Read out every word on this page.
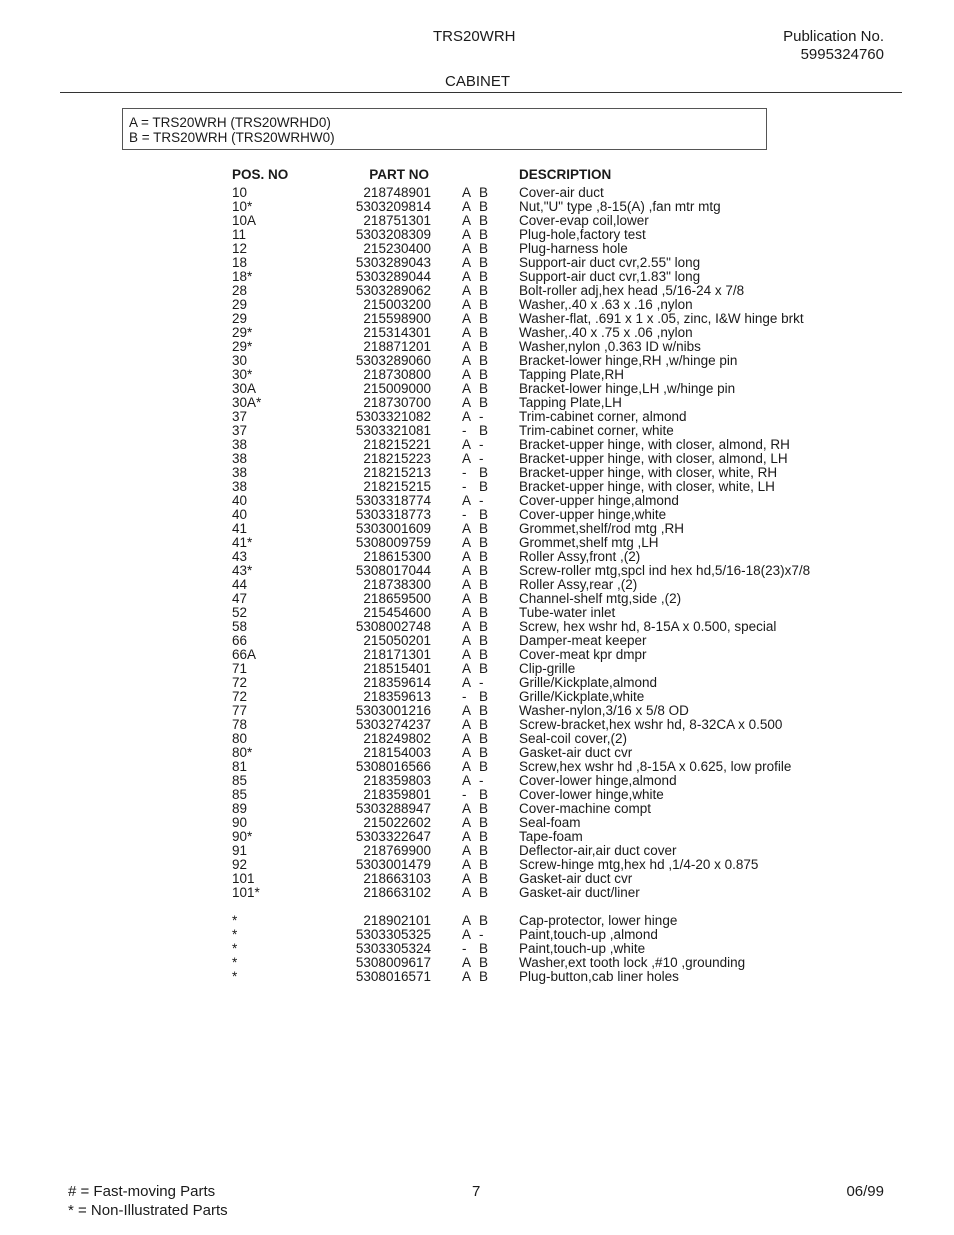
TRS20WRH	Publication No.
5995324760
CABINET
A = TRS20WRH (TRS20WRHD0)
B = TRS20WRH (TRS20WRHW0)
POS. NO	PART NO	DESCRIPTION
10	218748901 A B Cover-air duct
10*	5303209814 A B Nut,"U" type ,8-15(A) ,fan mtr mtg
10A	218751301 A B Cover-evap coil,lower
11	5303208309 A B Plug-hole,factory test
12	215230400 A B Plug-harness hole
18	5303289043 A B Support-air duct cvr,2.55" long
18*	5303289044 A B Support-air duct cvr,1.83" long
28	5303289062 A B Bolt-roller adj,hex head ,5/16-24 x 7/8
29	215003200 A B Washer,.40 x .63 x .16 ,nylon
29	215598900 A B Washer-flat, .691 x 1 x .05, zinc, I&W hinge brkt
29*	215314301 A B Washer,.40 x .75 x .06 ,nylon
29*	218871201 A B Washer,nylon ,0.363 ID w/nibs
30	5303289060 A B Bracket-lower hinge,RH ,w/hinge pin
30*	218730800 A B Tapping Plate,RH
30A	215009000 A B Bracket-lower hinge,LH ,w/hinge pin
30A*	218730700 A B Tapping Plate,LH
37	5303321082 A -	Trim-cabinet corner, almond
37	5303321081 - B Trim-cabinet corner, white
38	218215221 A -	Bracket-upper hinge, with closer, almond, RH
38	218215223 A -	Bracket-upper hinge, with closer, almond, LH
38	218215213 - B Bracket-upper hinge, with closer, white, RH
38	218215215 - B Bracket-upper hinge, with closer, white, LH
40	5303318774 A -	Cover-upper hinge,almond
40	5303318773 - B Cover-upper hinge,white
41	5303001609 A B Grommet,shelf/rod mtg ,RH
41*	5308009759 A B Grommet,shelf mtg ,LH
43	218615300 A B Roller Assy,front ,(2)
43*	5308017044 A B Screw-roller mtg,spcl ind hex hd,5/16-18(23)x7/8
44	218738300 A B Roller Assy,rear ,(2)
47	218659500 A B Channel-shelf mtg,side ,(2)
52	215454600 A B Tube-water inlet
58	5308002748 A B Screw, hex wshr hd, 8-15A x 0.500, special
66	215050201 A B Damper-meat keeper
66A	218171301 A B Cover-meat kpr dmpr
71	218515401 A B Clip-grille
72	218359614 A -	Grille/Kickplate,almond
72	218359613 - B Grille/Kickplate,white
77	5303001216 A B Washer-nylon,3/16 x 5/8 OD
78	5303274237 A B Screw-bracket,hex wshr hd, 8-32CA x 0.500
80	218249802 A B Seal-coil cover,(2)
80*	218154003 A B Gasket-air duct cvr
81	5308016566 A B Screw,hex wshr hd ,8-15A x 0.625, low profile
85	218359803 A -	Cover-lower hinge,almond
85	218359801 - B Cover-lower hinge,white
89	5303288947 A B Cover-machine compt
90	215022602 A B Seal-foam
90*	5303322647 A B Tape-foam
91	218769900 A B Deflector-air,air duct cover
92	5303001479 A B Screw-hinge mtg,hex hd ,1/4-20 x 0.875
101	218663103 A B Gasket-air duct cvr
101*	218663102 A B Gasket-air duct/liner
*	218902101 A B Cap-protector, lower hinge
*	5303305325 A -	Paint,touch-up ,almond
*	5303305324 - B Paint,touch-up ,white
*	5308009617 A B Washer,ext tooth lock ,#10 ,grounding
*	5308016571 A B Plug-button,cab liner holes
# = Fast-moving Parts
* = Non-Illustrated Parts
7	06/99
